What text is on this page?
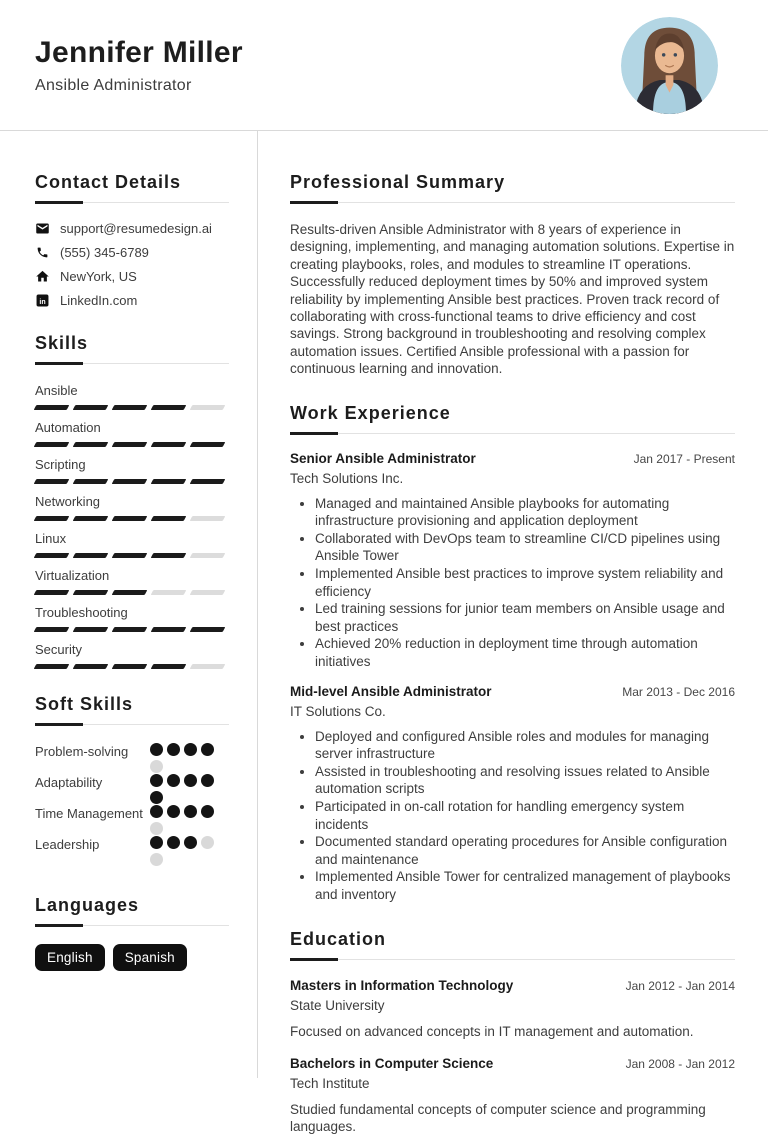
Jennifer Miller
Ansible Administrator
Contact Details
support@resumedesign.ai
(555) 345-6789
NewYork, US
in LinkedIn.com
Skills
Ansible
Automation
Scripting
Networking
Linux
Virtualization
Troubleshooting
Security
Soft Skills
Problem-solving
Adaptability
Time Management
Leadership
Languages
English	Spanish
Professional Summary

Results-driven Ansible Administrator with 8 years of experience in designing, implementing, and managing automation solutions. Expertise in creating playbooks, roles, and modules to streamline IT operations. Successfully reduced deployment times by 50% and improved system reliability by implementing Ansible best practices. Proven track record of collaborating with cross-functional teams to drive efficiency and cost savings. Strong background in troubleshooting and resolving complex automation issues. Certified Ansible professional with a passion for continuous learning and innovation.

Work Experience
Senior Ansible Administrator	Jan 2017 - Present
Tech Solutions Inc.
• Managed and maintained Ansible playbooks for automating infrastructure provisioning and application deployment
• Collaborated with DevOps team to streamline CI/CD pipelines using Ansible Tower
• Implemented Ansible best practices to improve system reliability and efficiency
• Led training sessions for junior team members on Ansible usage and best practices
• Achieved 20% reduction in deployment time through automation initiatives
Mid-level Ansible Administrator	Mar 2013 - Dec 2016
IT Solutions Co.
• Deployed and configured Ansible roles and modules for managing server infrastructure
• Assisted in troubleshooting and resolving issues related to Ansible automation scripts
• Participated in on-call rotation for handling emergency system incidents
• Documented standard operating procedures for Ansible configuration and maintenance
• Implemented Ansible Tower for centralized management of playbooks and inventory
Education
Masters in Information Technology	Jan 2012 - Jan 2014
State University
Focused on advanced concepts in IT management and automation.
Bachelors in Computer Science	Jan 2008 - Jan 2012
Tech Institute
Studied fundamental concepts of computer science and programming languages.
